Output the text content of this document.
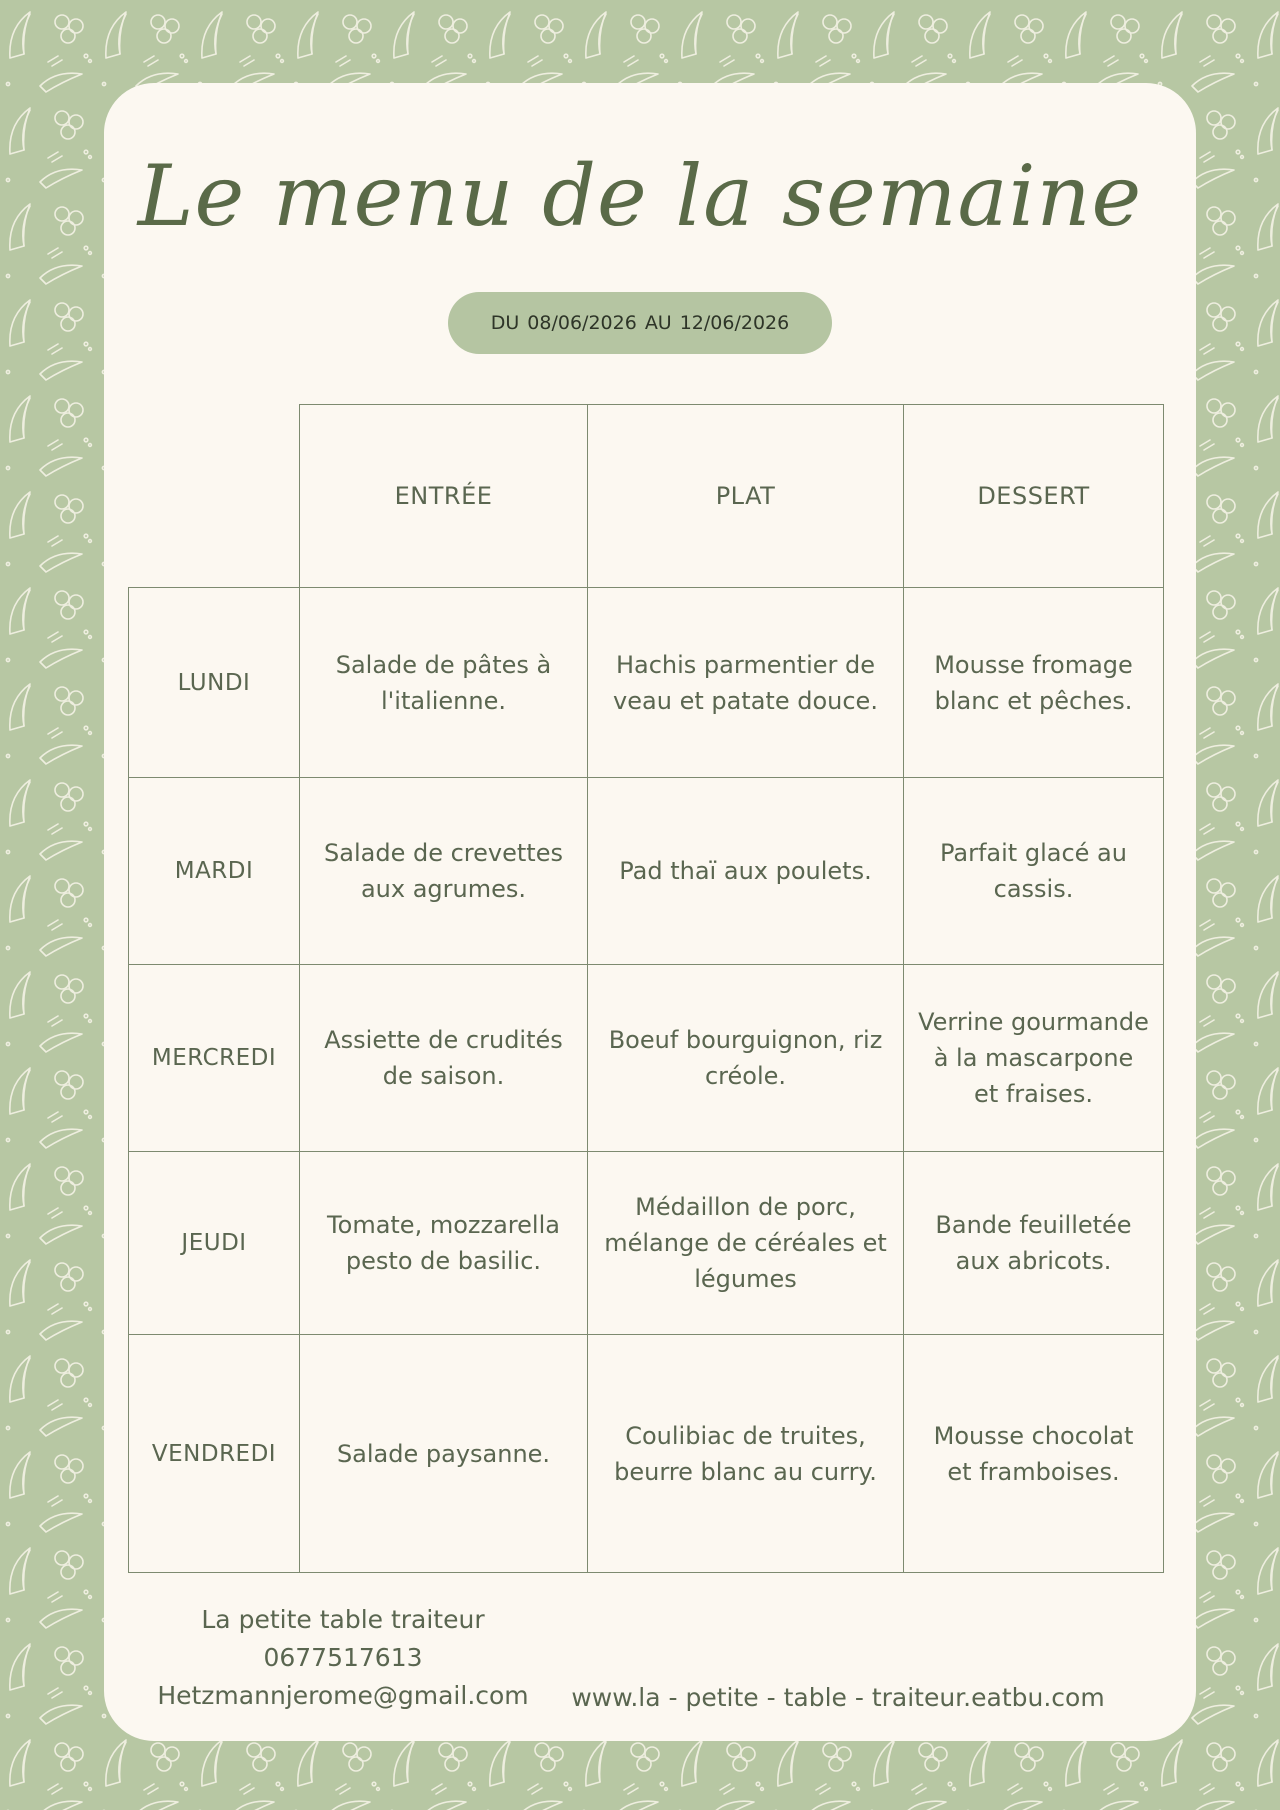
Le menu de la semaine
DU 08/06/2026 AU 12/06/2026
	ENTRÉE	PLAT	DESSERT
LUNDI	Salade de pâtes à l'italienne.	Hachis parmentier de veau et patate douce.	Mousse fromage blanc et pêches.
MARDI	Salade de crevettes aux agrumes.	Pad thaï aux poulets.	Parfait glacé au cassis.
MERCREDI	Assiette de crudités de saison.	Boeuf bourguignon, riz créole.	Verrine gourmande à la mascarpone et fraises.
JEUDI	Tomate, mozzarella pesto de basilic.	Médaillon de porc, mélange de céréales et légumes	Bande feuilletée aux abricots.
VENDREDI	Salade paysanne.	Coulibiac de truites, beurre blanc au curry.	Mousse chocolat et framboises.
La petite table traiteur
0677517613
Hetzmannjerome@gmail.com	www.la - petite - table - traiteur.eatbu.com
